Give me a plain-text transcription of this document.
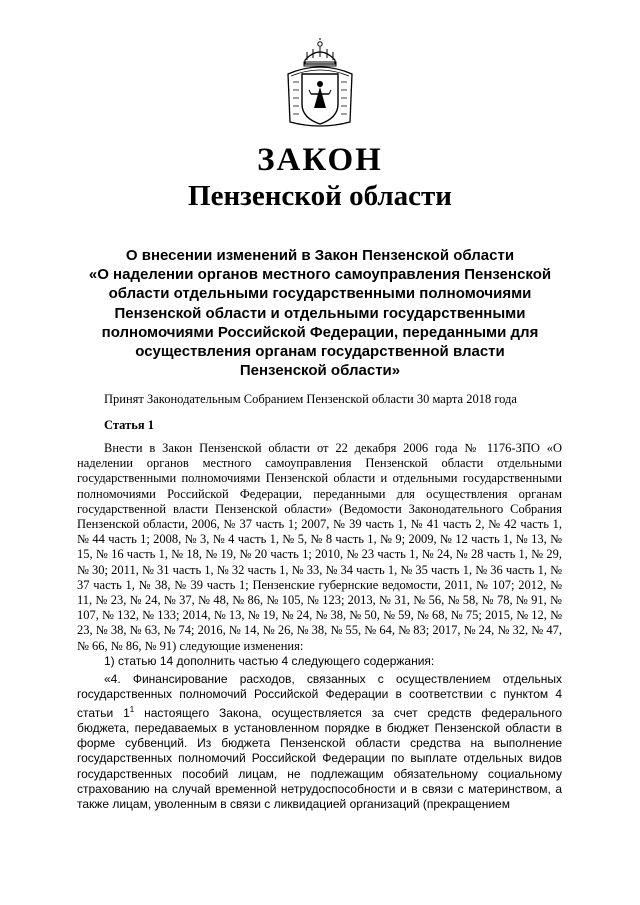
ЗАКОН
Пензенской области
О внесении изменений в Закон Пензенской области
«О наделении органов местного самоуправления Пензенской
области отдельными государственными полномочиями
Пензенской области и отдельными государственными
полномочиями Российской Федерации, переданными для
осуществления органам государственной власти
Пензенской области»
Принят Законодательным Собранием Пензенской области 30 марта 2018 года
Статья 1

Внести в Закон Пензенской области от 22 декабря 2006 года № 1176-ЗПО «О наделении органов местного самоуправления Пензенской области отдельными государственными полномочиями Пензенской области и отдельными государственными полномочиями Российской Федерации, переданными для осуществления органам государственной власти Пензенской области» (Ведомости Законодательного Собрания Пензенской области, 2006, № 37 часть 1; 2007, № 39 часть 1, № 41 часть 2, № 42 часть 1, № 44 часть 1; 2008, № 3, № 4 часть 1, № 5, № 8 часть 1, № 9; 2009, № 12 часть 1, № 13, № 15, № 16 часть 1, № 18, № 19, № 20 часть 1; 2010, № 23 часть 1, № 24, № 28 часть 1, № 29, № 30; 2011, № 31 часть 1, № 32 часть 1, № 33, № 34 часть 1, № 35 часть 1, № 36 часть 1, № 37 часть 1, № 38, № 39 часть 1; Пензенские губернские ведомости, 2011, № 107; 2012, № 11, № 23, № 24, № 37, № 48, № 86, № 105, № 123; 2013, № 31, № 56, № 58, № 78, № 91, № 107, № 132, № 133; 2014, № 13, № 19, № 24, № 38, № 50, № 59, № 68, № 75; 2015, № 12, № 23, № 38, № 63, № 74; 2016, № 14, № 26, № 38, № 55, № 64, № 83; 2017, № 24, № 32, № 47, № 66, № 86, № 91) следующие изменения:

1) статью 14 дополнить частью 4 следующего содержания:

«4. Финансирование расходов, связанных с осуществлением отдельных государственных полномочий Российской Федерации в соответствии с пунктом 4 статьи $1^1$ настоящего Закона, осуществляется за счет средств федерального бюджета, передаваемых в установленном порядке в бюджет Пензенской области в форме субвенций. Из бюджета Пензенской области средства на выполнение государственных полномочий Российской Федерации по выплате отдельных видов государственных пособий лицам, не подлежащим обязательному социальному страхованию на случай временной нетрудоспособности и в связи с материнством, а также лицам, уволенным в связи с ликвидацией организаций (прекращением
